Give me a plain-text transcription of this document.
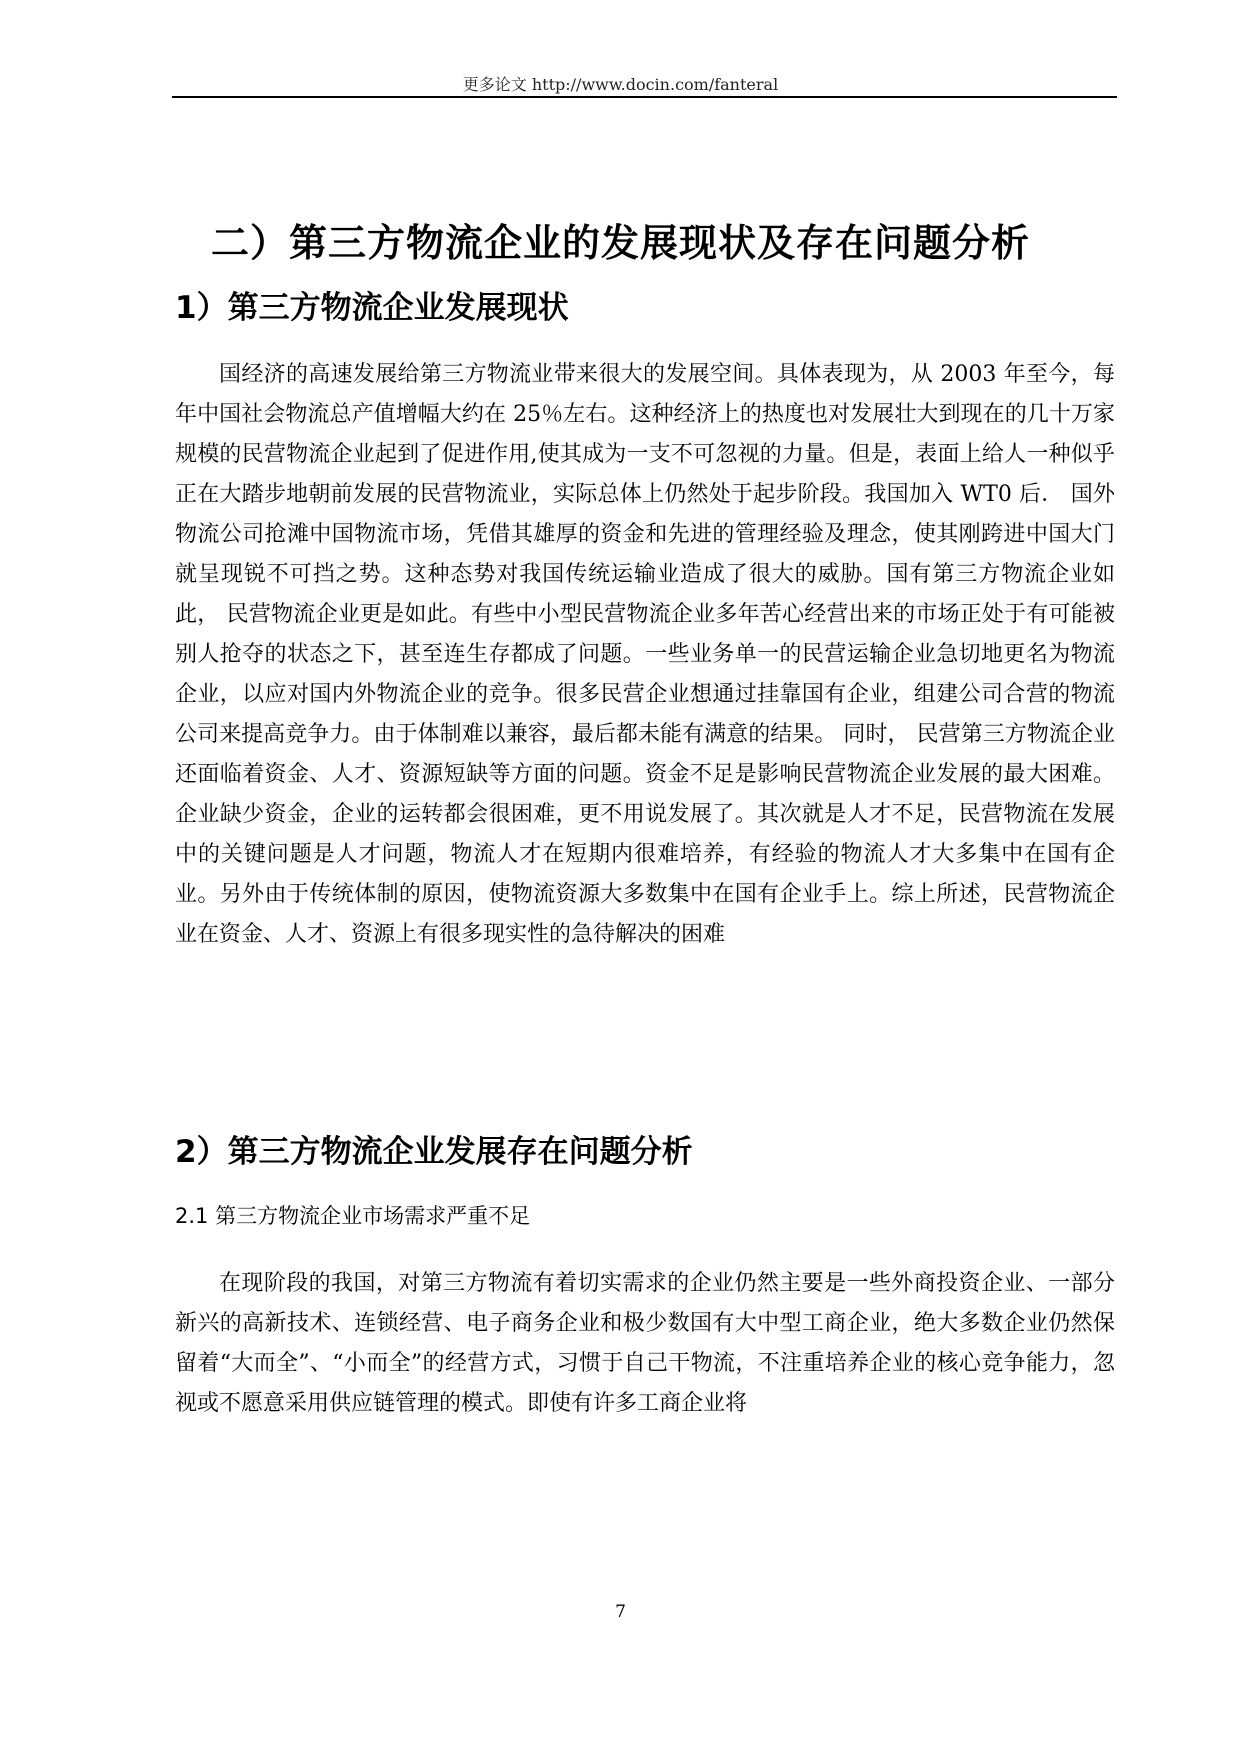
更多论文 http://www.docin.com/fanteral
二）第三方物流企业的发展现状及存在问题分析
1）第三方物流企业发展现状

国经济的高速发展给第三方物流业带来很大的发展空间。具体表现为，从 2003 年至今，每年中国社会物流总产值增幅大约在 25％左右。这种经济上的热度也对发展壮大到现在的几十万家规模的民营物流企业起到了促进作用,使其成为一支不可忽视的力量。但是，表面上给人一种似乎正在大踏步地朝前发展的民营物流业，实际总体上仍然处于起步阶段。我国加入 WT0 后． 国外物流公司抢滩中国物流市场，凭借其雄厚的资金和先进的管理经验及理念，使其刚跨进中国大门就呈现锐不可挡之势。这种态势对我国传统运输业造成了很大的威胁。国有第三方物流企业如此， 民营物流企业更是如此。有些中小型民营物流企业多年苦心经营出来的市场正处于有可能被别人抢夺的状态之下，甚至连生存都成了问题。一些业务单一的民营运输企业急切地更名为物流企业，以应对国内外物流企业的竞争。很多民营企业想通过挂靠国有企业，组建公司合营的物流公司来提高竞争力。由于体制难以兼容，最后都未能有满意的结果。 同时， 民营第三方物流企业还面临着资金、人才、资源短缺等方面的问题。资金不足是影响民营物流企业发展的最大困难。企业缺少资金，企业的运转都会很困难，更不用说发展了。其次就是人才不足，民营物流在发展中的关键问题是人才问题，物流人才在短期内很难培养，有经验的物流人才大多集中在国有企业。另外由于传统体制的原因，使物流资源大多数集中在国有企业手上。综上所述，民营物流企业在资金、人才、资源上有很多现实性的急待解决的困难

2）第三方物流企业发展存在问题分析
2.1 第三方物流企业市场需求严重不足

在现阶段的我国，对第三方物流有着切实需求的企业仍然主要是一些外商投资企业、一部分新兴的高新技术、连锁经营、电子商务企业和极少数国有大中型工商企业，绝大多数企业仍然保留着“大而全”、“小而全”的经营方式，习惯于自己干物流，不注重培养企业的核心竞争能力，忽视或不愿意采用供应链管理的模式。即使有许多工商企业将

7
